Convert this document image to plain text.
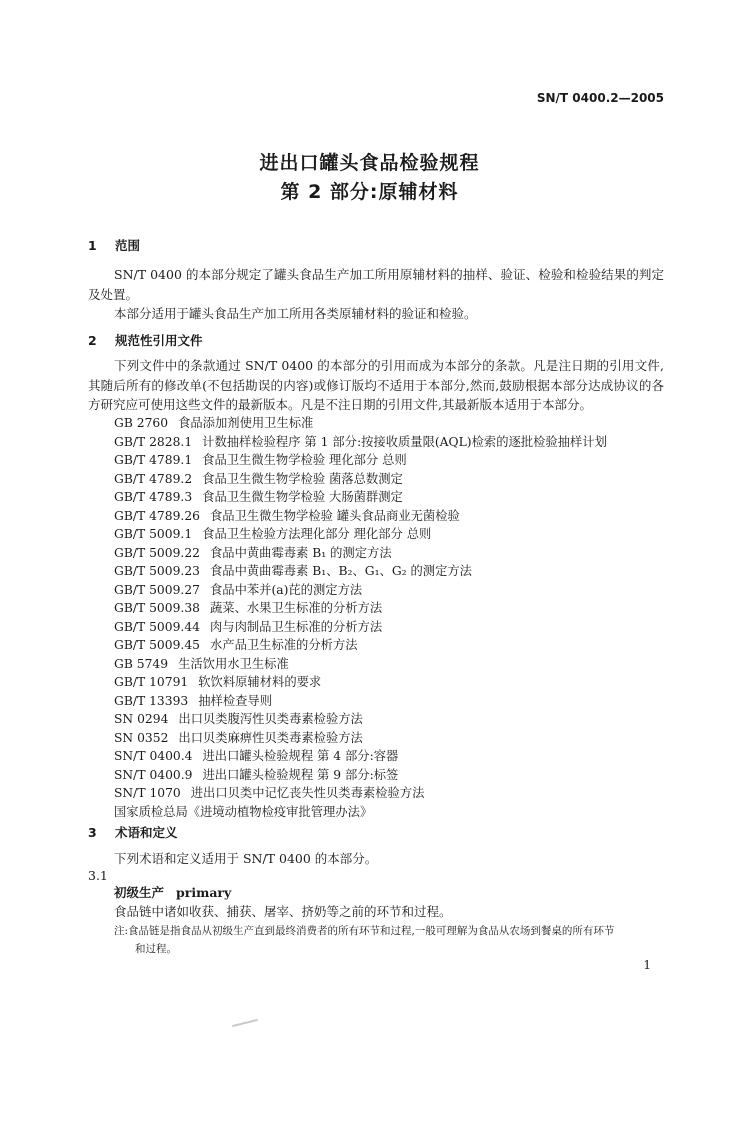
SN/T 0400.2—2005
进出口罐头食品检验规程
第 2 部分:原辅材料
1 范围

SN/T 0400 的本部分规定了罐头食品生产加工所用原辅材料的抽样、验证、检验和检验结果的判定及处置。

本部分适用于罐头食品生产加工所用各类原辅材料的验证和检验。

2 规范性引用文件

下列文件中的条款通过 SN/T 0400 的本部分的引用而成为本部分的条款。凡是注日期的引用文件,其随后所有的修改单(不包括勘误的内容)或修订版均不适用于本部分,然而,鼓励根据本部分达成协议的各方研究应可使用这些文件的最新版本。凡是不注日期的引用文件,其最新版本适用于本部分。

GB 2760 食品添加剂使用卫生标准
GB/T 2828.1 计数抽样检验程序 第 1 部分:按接收质量限(AQL)检索的逐批检验抽样计划
GB/T 4789.1 食品卫生微生物学检验 理化部分 总则
GB/T 4789.2 食品卫生微生物学检验 菌落总数测定
GB/T 4789.3 食品卫生微生物学检验 大肠菌群测定
GB/T 4789.26 食品卫生微生物学检验 罐头食品商业无菌检验
GB/T 5009.1 食品卫生检验方法理化部分 理化部分 总则
GB/T 5009.22 食品中黄曲霉毒素 B₁ 的测定方法
GB/T 5009.23 食品中黄曲霉毒素 B₁、B₂、G₁、G₂ 的测定方法
GB/T 5009.27 食品中苯并(a)芘的测定方法
GB/T 5009.38 蔬菜、水果卫生标准的分析方法
GB/T 5009.44 肉与肉制品卫生标准的分析方法
GB/T 5009.45 水产品卫生标准的分析方法
GB 5749 生活饮用水卫生标准
GB/T 10791 软饮料原辅材料的要求
GB/T 13393 抽样检查导则
SN 0294 出口贝类腹泻性贝类毒素检验方法
SN 0352 出口贝类麻痹性贝类毒素检验方法
SN/T 0400.4 进出口罐头检验规程 第 4 部分:容器
SN/T 0400.9 进出口罐头检验规程 第 9 部分:标签
SN/T 1070 进出口贝类中记忆丧失性贝类毒素检验方法
国家质检总局《进境动植物检疫审批管理办法》
3 术语和定义
下列术语和定义适用于 SN/T 0400 的本部分。
3.1
初级生产 primary
食品链中诸如收获、捕获、屠宰、挤奶等之前的环节和过程。
注:食品链是指食品从初级生产直到最终消费者的所有环节和过程,一般可理解为食品从农场到餐桌的所有环节
和过程。
1
